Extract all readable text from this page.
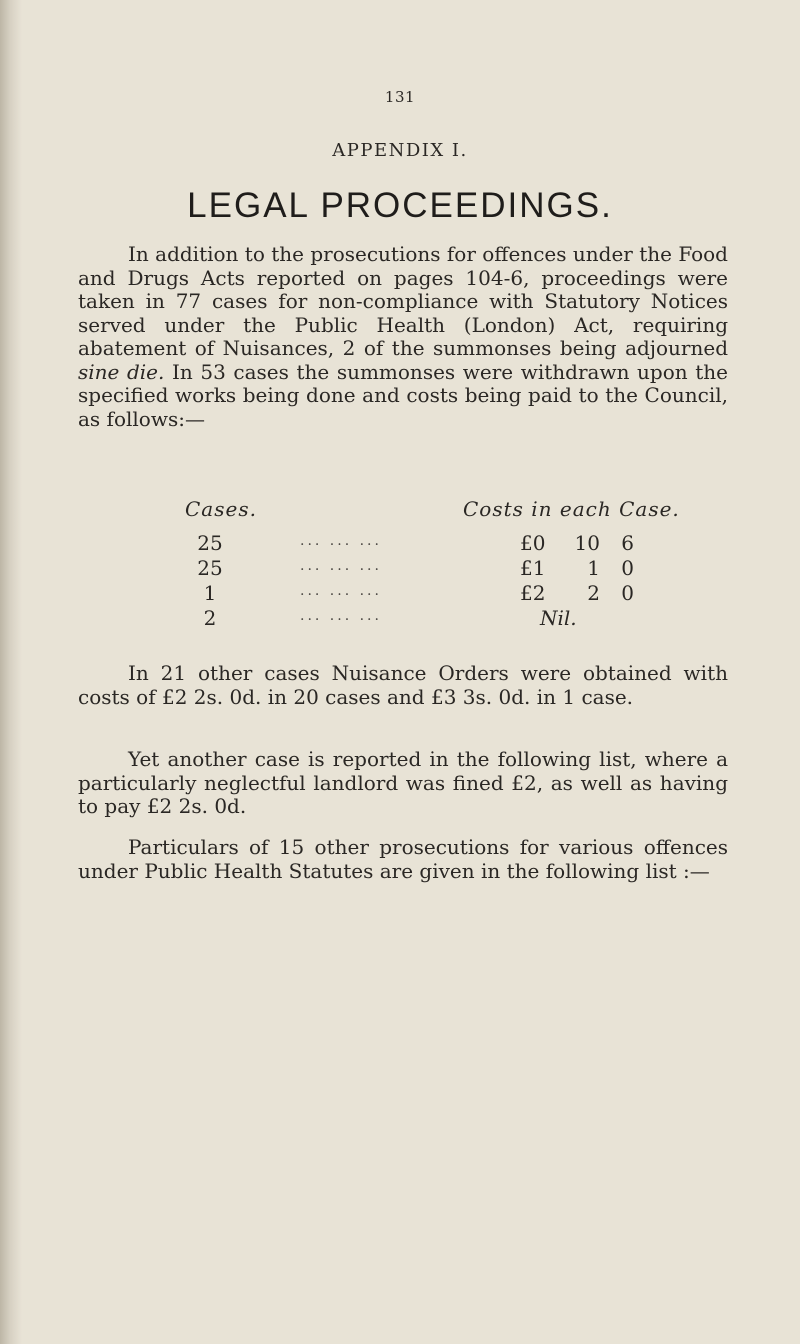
131
APPENDIX I.
LEGAL PROCEEDINGS.

In addition to the prosecutions for offences under the Food and Drugs Acts reported on pages 104-6, proceedings were taken in 77 cases for non-compliance with Statutory Notices served under the Public Health (London) Act, requiring abatement of Nuisances, 2 of the summonses being adjourned sine die. In 53 cases the summonses were withdrawn upon the specified works being done and costs being paid to the Council, as follows:—

Cases.	Costs in each Case.
25	... ... ...	£0	10	6
25	... ... ...	£1	1	0
1	... ... ...	£2	2	0
2	... ... ...	Nil.

In 21 other cases Nuisance Orders were obtained with costs of £2 2s. 0d. in 20 cases and £3 3s. 0d. in 1 case.

Yet another case is reported in the following list, where a particularly neglectful landlord was fined £2, as well as having to pay £2 2s. 0d.

Particulars of 15 other prosecutions for various offences under Public Health Statutes are given in the following list :—
